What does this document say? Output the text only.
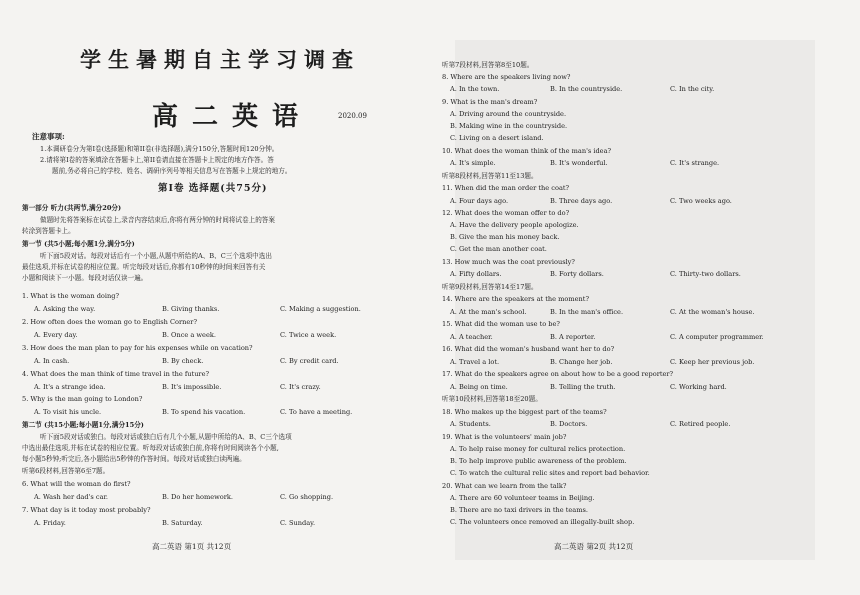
学生暑期自主学习调查
高二英语	2020.09
注意事项:
1.本调研卷分为第I卷(选择题)和第II卷(非选择题),满分150分,答题时间120分钟。
2.请将第I卷的答案填涂在答题卡上,第II卷请直接在答题卡上规定的地方作答。答
题前,务必将自己的学校、姓名、调研序列号等相关信息写在答题卡上规定的地方。
第I卷 选择题(共75分)
第一部分 听力(共两节,满分20分)
做题时先将答案标在试卷上,录音内容结束后,你将有两分钟的时间将试卷上的答案
转涂到答题卡上。
第一节 (共5小题;每小题1分,满分5分)
听下面5段对话。每段对话后有一个小题,从题中所给的A、B、C三个选项中选出
最佳选项,并标在试卷的相应位置。听完每段对话后,你都有10秒钟的时间来回答有关
小题和阅读下一小题。每段对话仅读一遍。
1. What is the woman doing?
A. Asking the way.	B. Giving thanks.	C. Making a suggestion.
2. How often does the woman go to English Corner?
A. Every day.	B. Once a week.	C. Twice a week.
3. How does the man plan to pay for his expenses while on vacation?
A. In cash.	B. By check.	C. By credit card.
4. What does the man think of time travel in the future?
A. It's a strange idea.	B. It's impossible.	C. It's crazy.
5. Why is the man going to London?
A. To visit his uncle.	B. To spend his vacation.	C. To have a meeting.
第二节 (共15小题;每小题1分,满分15分)
听下面5段对话或独白。每段对话或独白后有几个小题,从题中所给的A、B、C三个选项
中选出最佳选项,并标在试卷的相应位置。听每段对话或独白前,你将有时间阅读各个小题,
每小题5秒钟;听完后,各小题给出5秒钟的作答时间。每段对话或独白读两遍。
听第6段材料,回答第6至7题。
6. What will the woman do first?
A. Wash her dad's car.	B. Do her homework.	C. Go shopping.
7. What day is it today most probably?
A. Friday.	B. Saturday.	C. Sunday.
高二英语 第1页 共12页
听第7段材料,回答第8至10题。
8. Where are the speakers living now?
A. In the town.	B. In the countryside.	C. In the city.
9. What is the man's dream?
A. Driving around the countryside.
B. Making wine in the countryside.
C. Living on a desert island.
10. What does the woman think of the man's idea?
A. It's simple.	B. It's wonderful.	C. It's strange.
听第8段材料,回答第11至13题。
11. When did the man order the coat?
A. Four days ago.	B. Three days ago.	C. Two weeks ago.
12. What does the woman offer to do?
A. Have the delivery people apologize.
B. Give the man his money back.
C. Get the man another coat.
13. How much was the coat previously?
A. Fifty dollars.	B. Forty dollars.	C. Thirty-two dollars.
听第9段材料,回答第14至17题。
14. Where are the speakers at the moment?
A. At the man's school.	B. In the man's office.	C. At the woman's house.
15. What did the woman use to be?
A. A teacher.	B. A reporter.	C. A computer programmer.
16. What did the woman's husband want her to do?
A. Travel a lot.	B. Change her job.	C. Keep her previous job.
17. What do the speakers agree on about how to be a good reporter?
A. Being on time.	B. Telling the truth.	C. Working hard.
听第10段材料,回答第18至20题。
18. Who makes up the biggest part of the teams?
A. Students.	B. Doctors.	C. Retired people.
19. What is the volunteers' main job?
A. To help raise money for cultural relics protection.
B. To help improve public awareness of the problem.
C. To watch the cultural relic sites and report bad behavior.
20. What can we learn from the talk?
A. There are 60 volunteer teams in Beijing.
B. There are no taxi drivers in the teams.
C. The volunteers once removed an illegally-built shop.
高二英语 第2页 共12页
